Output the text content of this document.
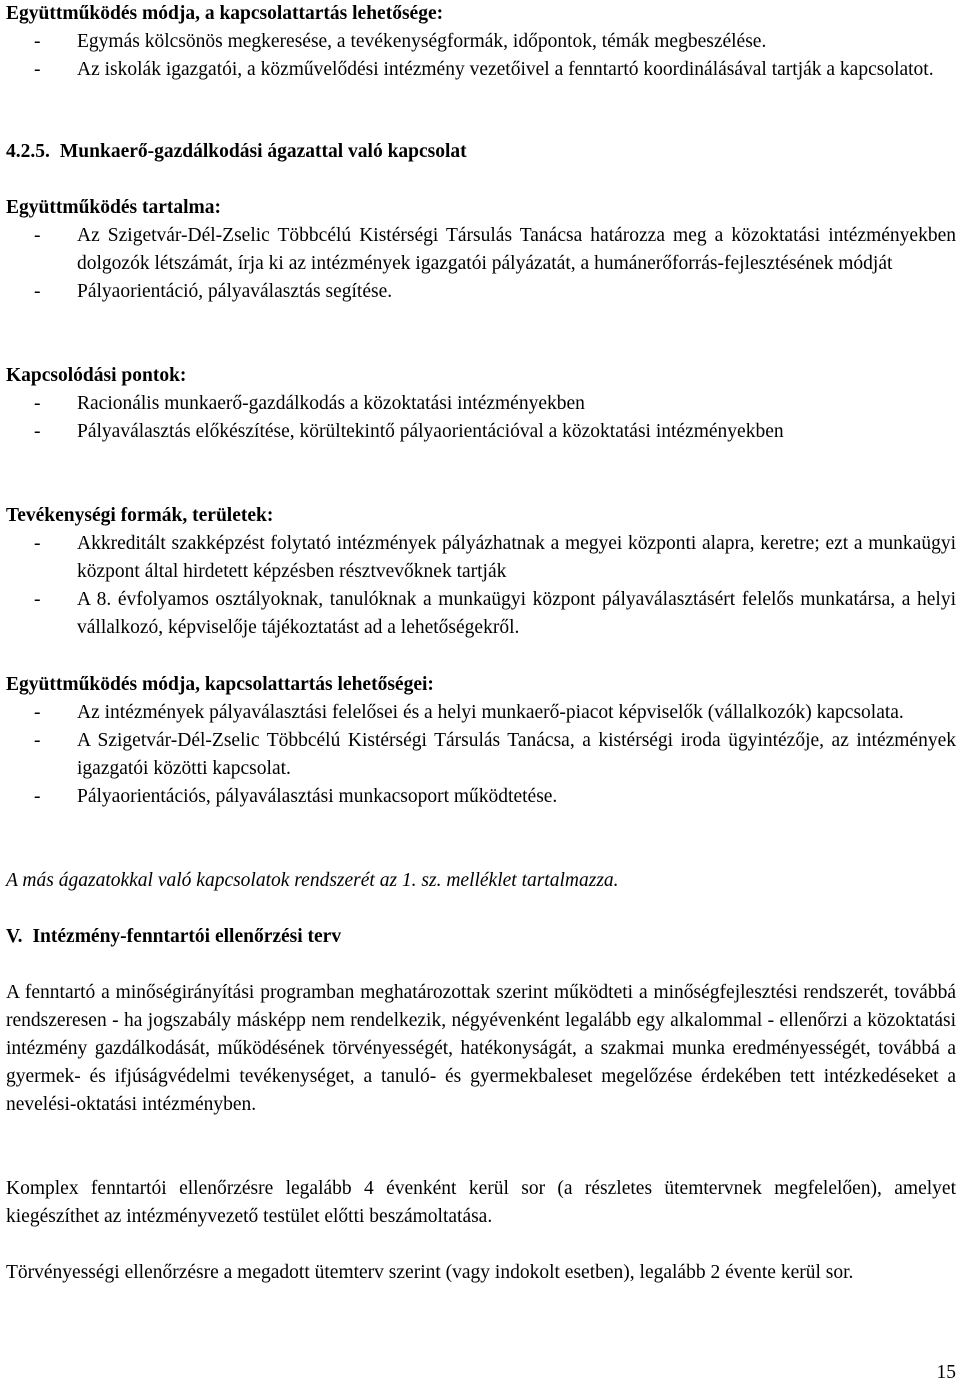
Együttműködés módja, a kapcsolattartás lehetősége:
- Egymás kölcsönös megkeresése, a tevékenységformák, időpontok, témák megbeszélése.
- Az iskolák igazgatói, a közművelődési intézmény vezetőivel a fenntartó koordinálásával tartják a kapcsolatot.
4.2.5. Munkaerő-gazdálkodási ágazattal való kapcsolat
Együttműködés tartalma:
- Az Szigetvár-Dél-Zselic Többcélú Kistérségi Társulás Tanácsa határozza meg a közoktatási intézményekben dolgozók létszámát, írja ki az intézmények igazgatói pályázatát, a humánerőforrás-fejlesztésének módját
- Pályaorientáció, pályaválasztás segítése.
Kapcsolódási pontok:
- Racionális munkaerő-gazdálkodás a közoktatási intézményekben
- Pályaválasztás előkészítése, körültekintő pályaorientációval a közoktatási intézményekben
Tevékenységi formák, területek:
- Akkreditált szakképzést folytató intézmények pályázhatnak a megyei központi alapra, keretre; ezt a munkaügyi központ által hirdetett képzésben résztvevőknek tartják
- A 8. évfolyamos osztályoknak, tanulóknak a munkaügyi központ pályaválasztásért felelős munkatársa, a helyi vállalkozó, képviselője tájékoztatást ad a lehetőségekről.
Együttműködés módja, kapcsolattartás lehetőségei:
- Az intézmények pályaválasztási felelősei és a helyi munkaerő-piacot képviselők (vállalkozók) kapcsolata.
- A Szigetvár-Dél-Zselic Többcélú Kistérségi Társulás Tanácsa, a kistérségi iroda ügyintézője, az intézmények igazgatói közötti kapcsolat.
- Pályaorientációs, pályaválasztási munkacsoport működtetése.
A más ágazatokkal való kapcsolatok rendszerét az 1. sz. melléklet tartalmazza.
V. Intézmény-fenntartói ellenőrzési terv
A fenntartó a minőségirányítási programban meghatározottak szerint működteti a minőségfejlesztési rendszerét, továbbá rendszeresen - ha jogszabály másképp nem rendelkezik, négyévenként legalább egy alkalommal - ellenőrzi a közoktatási intézmény gazdálkodását, működésének törvényességét, hatékonyságát, a szakmai munka eredményességét, továbbá a gyermek- és ifjúságvédelmi tevékenységet, a tanuló- és gyermekbaleset megelőzése érdekében tett intézkedéseket a nevelési-oktatási intézményben.
Komplex fenntartói ellenőrzésre legalább 4 évenként kerül sor (a részletes ütemtervnek megfelelően), amelyet kiegészíthet az intézményvezető testület előtti beszámoltatása.
Törvényességi ellenőrzésre a megadott ütemterv szerint (vagy indokolt esetben), legalább 2 évente kerül sor.
15
